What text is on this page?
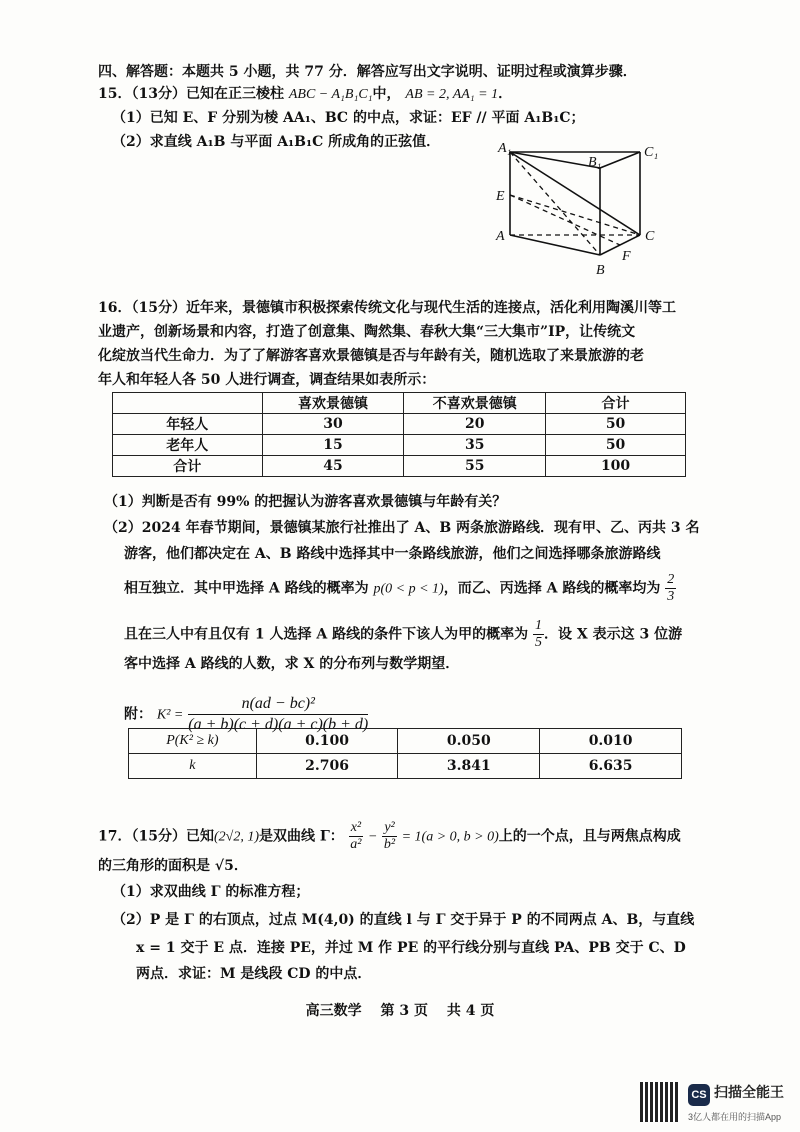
四、解答题：本题共 5 小题，共 77 分．解答应写出文字说明、证明过程或演算步骤．
15．（13分）已知在正三棱柱 ABC − A₁B₁C₁中， AB = 2, AA₁ = 1．
（1）已知 E、F 分别为棱 AA₁、BC 的中点，求证：EF // 平面 A₁B₁C；
（2）求直线 A₁B 与平面 A₁B₁C 所成角的正弦值．	A₁
B₁
C₁
E
A	C
B
F
16．（15分）近年来，景德镇市积极探索传统文化与现代生活的连接点，活化利用陶溪川等工
业遗产，创新场景和内容，打造了创意集、陶然集、春秋大集“三大集市”IP，让传统文
化绽放当代生命力．为了了解游客喜欢景德镇是否与年龄有关，随机选取了来景旅游的老
年人和年轻人各 50 人进行调查，调查结果如表所示：
	喜欢景德镇	不喜欢景德镇	合计
年轻人	30	20	50
老年人	15	35	50
合计	45	55	100
（1）判断是否有 99% 的把握认为游客喜欢景德镇与年龄有关？
（2）2024 年春节期间，景德镇某旅行社推出了 A、B 两条旅游路线．现有甲、乙、丙共 3 名
游客，他们都决定在 A、B 路线中选择其中一条路线旅游，他们之间选择哪条旅游路线
相互独立．其中甲选择 A 路线的概率为 p(0 < p < 1)，而乙、丙选择 A 路线的概率均为 $\frac{2}{3}$
且在三人中有且仅有 1 人选择 A 路线的条件下该人为甲的概率为 $\frac{1}{5}$ ．设 X 表示这 3 位游
客中选择 A 路线的人数，求 X 的分布列与数学期望．
附： $K^2 = \frac{\text{n(ad − bc)²}}{(a + b)(c + d)(a + c)(b + d)}$
P(K² ≥ k)	0.100	0.050	0.010
k	2.706	3.841	6.635
17．（15分）已知(2√2, 1)是双曲线 Γ： $\frac{\text{x²}}{\text{a²}} - \frac{\text{y²}}{\text{b²}} = 1(a > 0$, b > 0)上的一个点，且与两焦点构成
的三角形的面积是 √5．
（1）求双曲线 Γ 的标准方程；
（2）P 是 Γ 的右顶点，过点 M(4,0) 的直线 l 与 Γ 交于异于 P 的不同两点 A、B，与直线
x = 1 交于 E 点．连接 PE，并过 M 作 PE 的平行线分别与直线 PA、PB 交于 C、D
两点．求证：M 是线段 CD 的中点．
高三数学　 第 3 页　 共 4 页
CS 扫描全能王
3亿人都在用的扫描App
